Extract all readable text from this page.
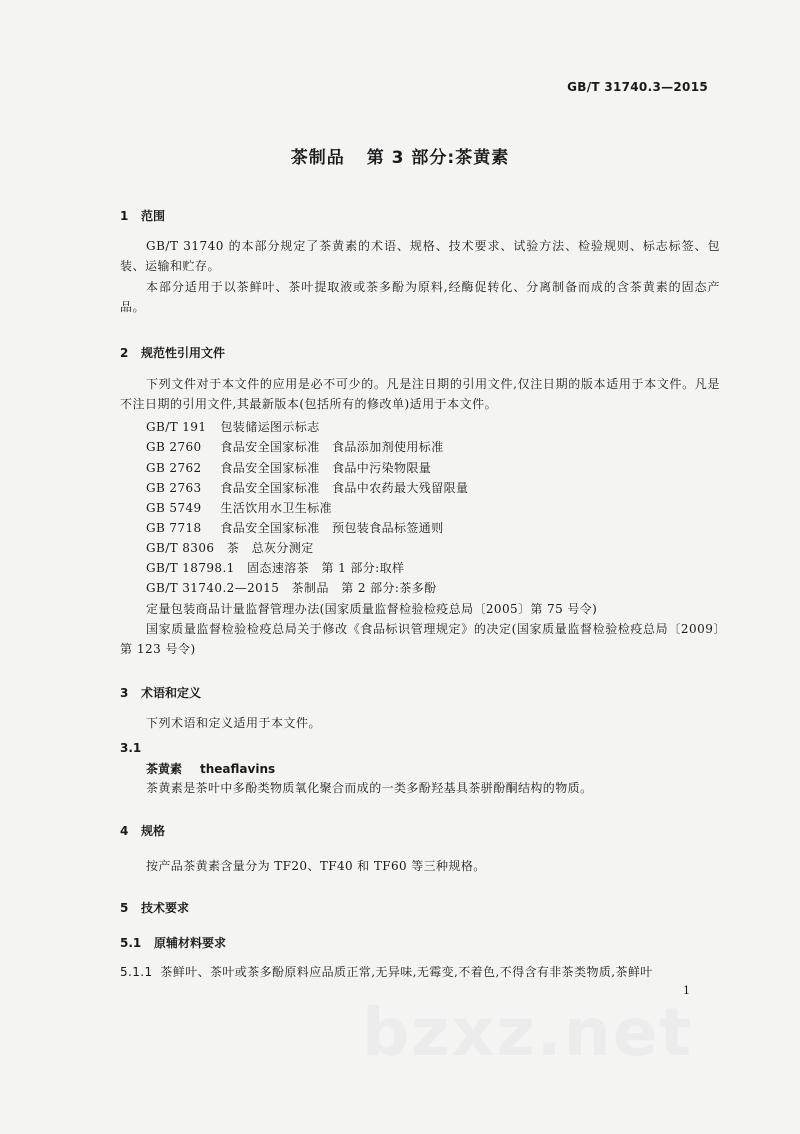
GB/T 31740.3—2015
茶制品 第 3 部分:茶黄素
1 范围
GB/T 31740 的本部分规定了茶黄素的术语、规格、技术要求、试验方法、检验规则、标志标签、包装、运输和贮存。
本部分适用于以茶鲜叶、茶叶提取液或茶多酚为原料,经酶促转化、分离制备而成的含茶黄素的固态产品。
2 规范性引用文件
下列文件对于本文件的应用是必不可少的。凡是注日期的引用文件,仅注日期的版本适用于本文件。凡是不注日期的引用文件,其最新版本(包括所有的修改单)适用于本文件。
GB/T 191　 包装储运图示标志
GB 2760　 食品安全国家标准　食品添加剂使用标准
GB 2762　 食品安全国家标准　食品中污染物限量
GB 2763　 食品安全国家标准　食品中农药最大残留限量
GB 5749　 生活饮用水卫生标准
GB 7718　 食品安全国家标准　预包装食品标签通则
GB/T 8306　 茶　总灰分测定
GB/T 18798.1　 固态速溶茶　第 1 部分:取样
GB/T 31740.2—2015　 茶制品　第 2 部分:茶多酚
定量包装商品计量监督管理办法(国家质量监督检验检疫总局〔2005〕第 75 号令)
国家质量监督检验检疫总局关于修改《食品标识管理规定》的决定(国家质量监督检验检疫总局〔2009〕第 123 号令)
3 术语和定义
下列术语和定义适用于本文件。
3.1
茶黄素 theaflavins
茶黄素是茶叶中多酚类物质氧化聚合而成的一类多酚羟基具茶骈酚酮结构的物质。
4 规格
按产品茶黄素含量分为 TF20、TF40 和 TF60 等三种规格。
5 技术要求
5.1 原辅材料要求
5.1.1　 茶鲜叶、茶叶或茶多酚原料应品质正常,无异味,无霉变,不着色,不得含有非茶类物质,茶鲜叶
1
bzxz.net
